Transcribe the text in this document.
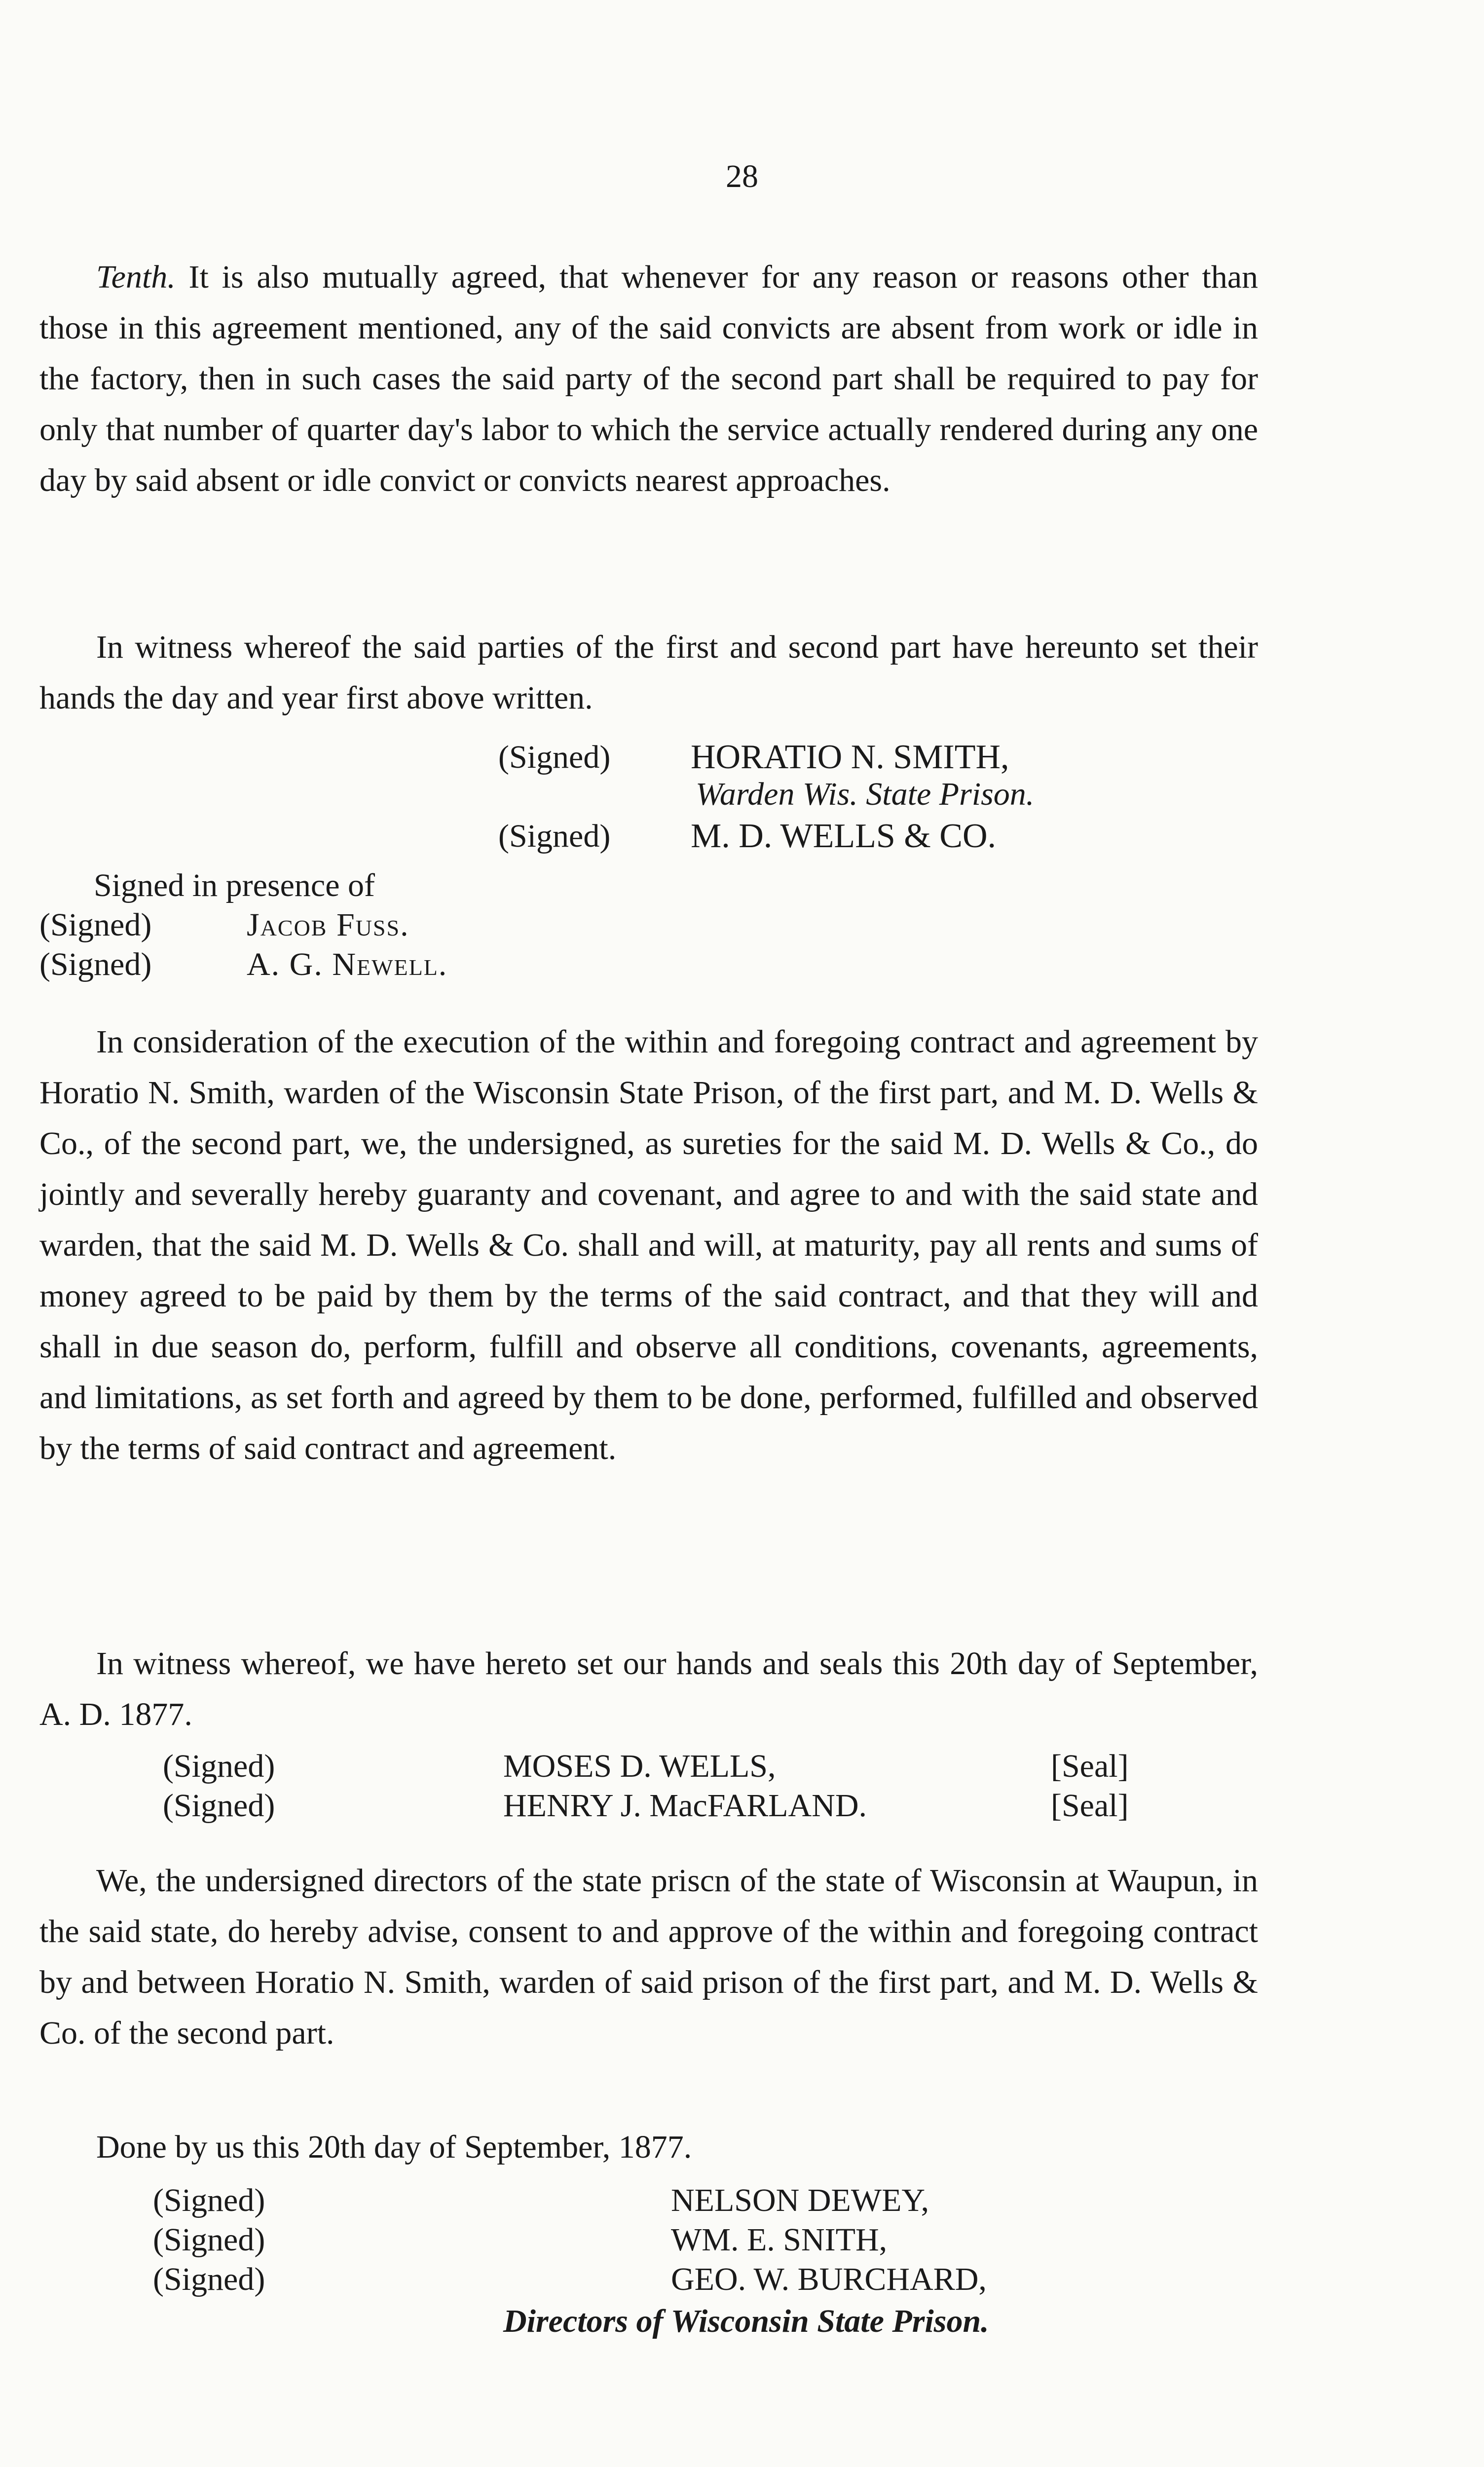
28
Tenth. It is also mutually agreed, that whenever for any reason or reasons other than those in this agreement mentioned, any of the said convicts are absent from work or idle in the factory, then in such cases the said party of the second part shall be required to pay for only that number of quarter day's labor to which the service actually rendered during any one day by said absent or idle convict or convicts nearest approaches.
In witness whereof the said parties of the first and second part have hereunto set their hands the day and year first above written.
(Signed) HORATIO N. SMITH,
Warden Wis. State Prison.
(Signed) M. D. WELLS & CO.
Signed in presence of
(Signed)	Jacob Fuss.
(Signed)	A. G. Newell.
In consideration of the execution of the within and foregoing contract and agreement by Horatio N. Smith, warden of the Wisconsin State Prison, of the first part, and M. D. Wells & Co., of the second part, we, the undersigned, as sureties for the said M. D. Wells & Co., do jointly and severally hereby guaranty and covenant, and agree to and with the said state and warden, that the said M. D. Wells & Co. shall and will, at maturity, pay all rents and sums of money agreed to be paid by them by the terms of the said contract, and that they will and shall in due season do, perform, fulfill and observe all conditions, covenants, agreements, and limitations, as set forth and agreed by them to be done, performed, fulfilled and observed by the terms of said contract and agreement.
In witness whereof, we have hereto set our hands and seals this 20th day of September, A. D. 1877.
(Signed)	MOSES D. WELLS,	[Seal]
(Signed)	HENRY J. MacFARLAND.	[Seal]
We, the undersigned directors of the state priscn of the state of Wisconsin at Waupun, in the said state, do hereby advise, consent to and approve of the within and foregoing contract by and between Horatio N. Smith, warden of said prison of the first part, and M. D. Wells & Co. of the second part.
Done by us this 20th day of September, 1877.
(Signed)	NELSON DEWEY,
(Signed)	WM. E. SNITH,
(Signed)	GEO. W. BURCHARD,
Directors of Wisconsin State Prison.
